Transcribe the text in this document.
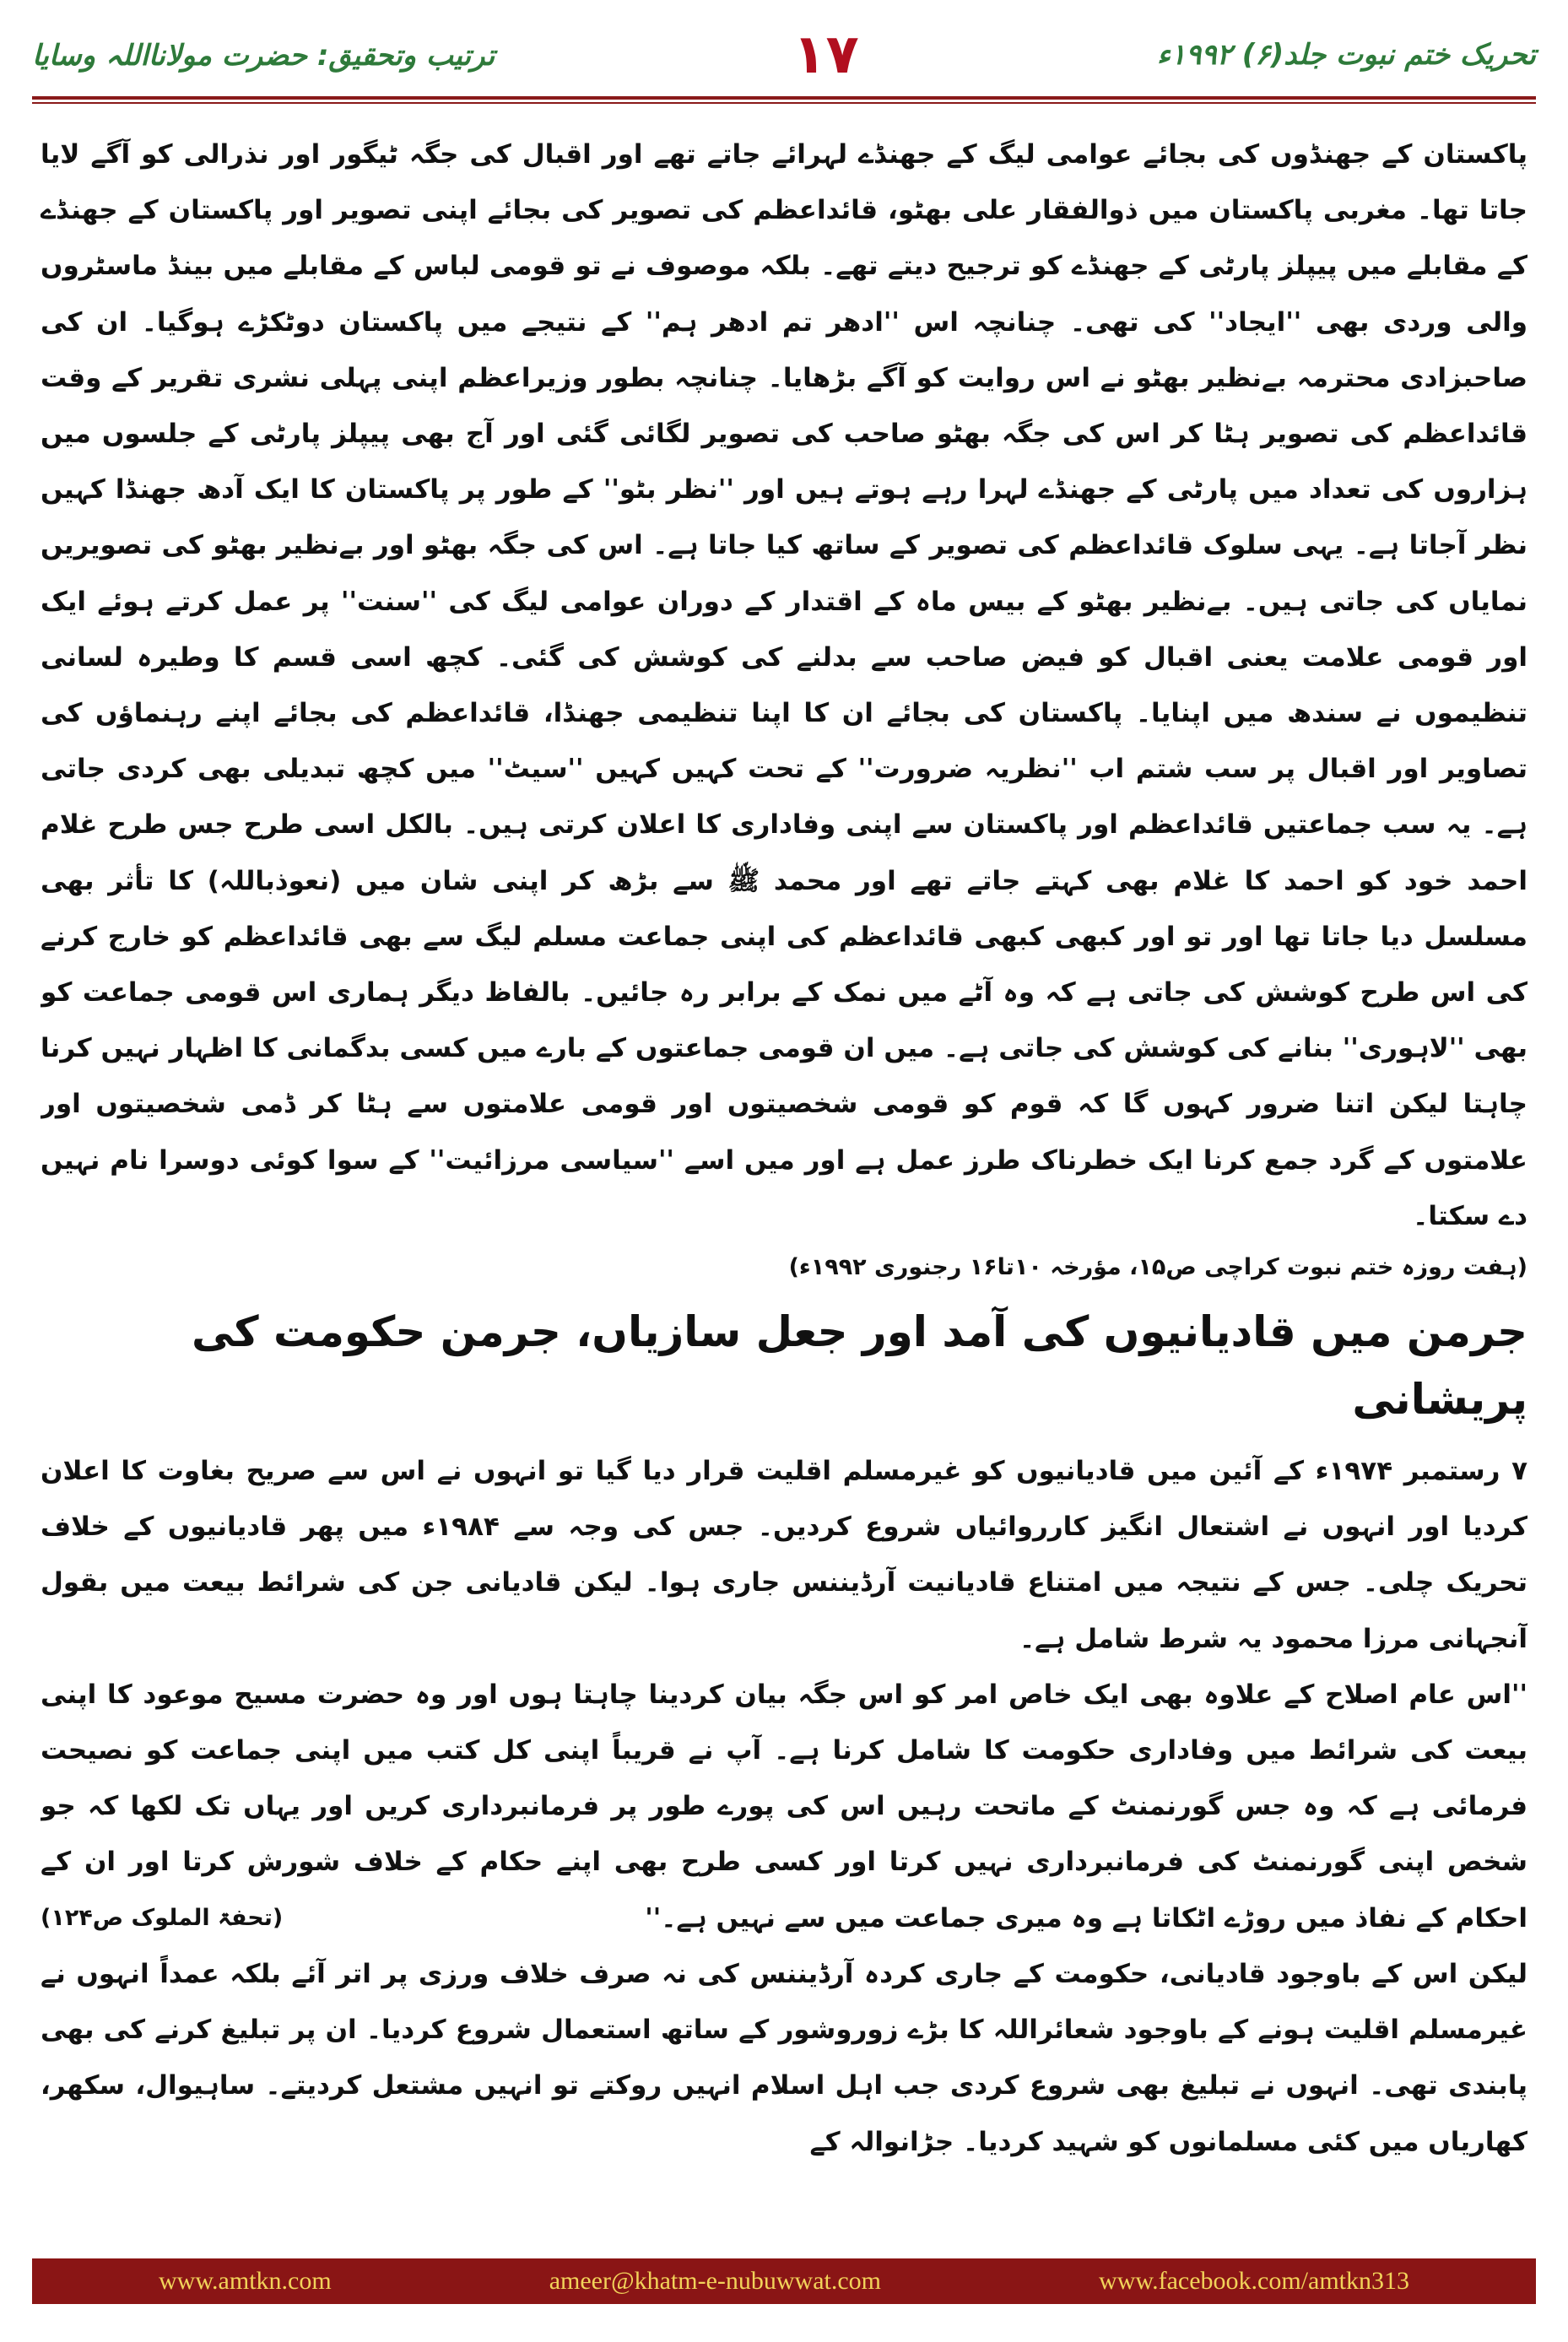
تحریک ختم نبوت جلد(۶) ۱۹۹۲ء
۱۷
ترتیب وتحقیق: حضرت مولانااللہ وسایا

پاکستان کے جھنڈوں کی بجائے عوامی لیگ کے جھنڈے لہرائے جاتے تھے اور اقبال کی جگہ ٹیگور اور نذرالی کو آگے لایا جاتا تھا۔ مغربی پاکستان میں ذوالفقار علی بھٹو، قائداعظم کی تصویر کی بجائے اپنی تصویر اور پاکستان کے جھنڈے کے مقابلے میں پیپلز پارٹی کے جھنڈے کو ترجیح دیتے تھے۔ بلکہ موصوف نے تو قومی لباس کے مقابلے میں بینڈ ماسٹروں والی وردی بھی ''ایجاد'' کی تھی۔ چنانچہ اس ''ادھر تم ادھر ہم'' کے نتیجے میں پاکستان دوٹکڑے ہوگیا۔ ان کی صاحبزادی محترمہ بےنظیر بھٹو نے اس روایت کو آگے بڑھایا۔ چنانچہ بطور وزیراعظم اپنی پہلی نشری تقریر کے وقت قائداعظم کی تصویر ہٹا کر اس کی جگہ بھٹو صاحب کی تصویر لگائی گئی اور آج بھی پیپلز پارٹی کے جلسوں میں ہزاروں کی تعداد میں پارٹی کے جھنڈے لہرا رہے ہوتے ہیں اور ''نظر بٹو'' کے طور پر پاکستان کا ایک آدھ جھنڈا کہیں نظر آجاتا ہے۔ یہی سلوک قائداعظم کی تصویر کے ساتھ کیا جاتا ہے۔ اس کی جگہ بھٹو اور بےنظیر بھٹو کی تصویریں نمایاں کی جاتی ہیں۔ بےنظیر بھٹو کے بیس ماہ کے اقتدار کے دوران عوامی لیگ کی ''سنت'' پر عمل کرتے ہوئے ایک اور قومی علامت یعنی اقبال کو فیض صاحب سے بدلنے کی کوشش کی گئی۔ کچھ اسی قسم کا وطیرہ لسانی تنظیموں نے سندھ میں اپنایا۔ پاکستان کی بجائے ان کا اپنا تنظیمی جھنڈا، قائداعظم کی بجائے اپنے رہنماؤں کی تصاویر اور اقبال پر سب شتم اب ''نظریہ ضرورت'' کے تحت کہیں کہیں ''سیٹ'' میں کچھ تبدیلی بھی کردی جاتی ہے۔ یہ سب جماعتیں قائداعظم اور پاکستان سے اپنی وفاداری کا اعلان کرتی ہیں۔ بالکل اسی طرح جس طرح غلام احمد خود کو احمد کا غلام بھی کہتے جاتے تھے اور محمد ﷺ سے بڑھ کر اپنی شان میں (نعوذباللہ) کا تأثر بھی مسلسل دیا جاتا تھا اور تو اور کبھی کبھی قائداعظم کی اپنی جماعت مسلم لیگ سے بھی قائداعظم کو خارج کرنے کی اس طرح کوشش کی جاتی ہے کہ وہ آٹے میں نمک کے برابر رہ جائیں۔ بالفاظ دیگر ہماری اس قومی جماعت کو بھی ''لاہوری'' بنانے کی کوشش کی جاتی ہے۔ میں ان قومی جماعتوں کے بارے میں کسی بدگمانی کا اظہار نہیں کرنا چاہتا لیکن اتنا ضرور کہوں گا کہ قوم کو قومی شخصیتوں اور قومی علامتوں سے ہٹا کر ڈمی شخصیتوں اور علامتوں کے گرد جمع کرنا ایک خطرناک طرز عمل ہے اور میں اسے ''سیاسی مرزائیت'' کے سوا کوئی دوسرا نام نہیں دے سکتا۔

(ہفت روزہ ختم نبوت کراچی ص۱۵، مؤرخہ ۱۰تا۱۶ رجنوری ۱۹۹۲ء)

جرمن میں قادیانیوں کی آمد اور جعل سازیاں، جرمن حکومت کی پریشانی

۷ رستمبر ۱۹۷۴ء کے آئین میں قادیانیوں کو غیرمسلم اقلیت قرار دیا گیا تو انہوں نے اس سے صریح بغاوت کا اعلان کردیا اور انہوں نے اشتعال انگیز کارروائیاں شروع کردیں۔ جس کی وجہ سے ۱۹۸۴ء میں پھر قادیانیوں کے خلاف تحریک چلی۔ جس کے نتیجہ میں امتناع قادیانیت آرڈیننس جاری ہوا۔ لیکن قادیانی جن کی شرائط بیعت میں بقول آنجہانی مرزا محمود یہ شرط شامل ہے۔

''اس عام اصلاح کے علاوہ بھی ایک خاص امر کو اس جگہ بیان کردینا چاہتا ہوں اور وہ حضرت مسیح موعود کا اپنی بیعت کی شرائط میں وفاداری حکومت کا شامل کرنا ہے۔ آپ نے قریباً اپنی کل کتب میں اپنی جماعت کو نصیحت فرمائی ہے کہ وہ جس گورنمنٹ کے ماتحت رہیں اس کی پورے طور پر فرمانبرداری کریں اور یہاں تک لکھا کہ جو شخص اپنی گورنمنٹ کی فرمانبرداری نہیں کرتا اور کسی طرح بھی اپنے حکام کے خلاف شورش کرتا اور ان کے احکام کے نفاذ میں روڑے اٹکاتا ہے وہ میری جماعت میں سے نہیں ہے۔''
(تحفۃ الملوک ص۱۲۴)

لیکن اس کے باوجود قادیانی، حکومت کے جاری کردہ آرڈیننس کی نہ صرف خلاف ورزی پر اتر آئے بلکہ عمداً انہوں نے غیرمسلم اقلیت ہونے کے باوجود شعائراللہ کا بڑے زوروشور کے ساتھ استعمال شروع کردیا۔ ان پر تبلیغ کرنے کی بھی پابندی تھی۔ انہوں نے تبلیغ بھی شروع کردی جب اہل اسلام انہیں روکتے تو انہیں مشتعل کردیتے۔ ساہیوال، سکھر، کھاریاں میں کئی مسلمانوں کو شہید کردیا۔ جڑانوالہ کے

www.amtkn.com	ameer@khatm-e-nubuwwat.com	www.facebook.com/amtkn313
